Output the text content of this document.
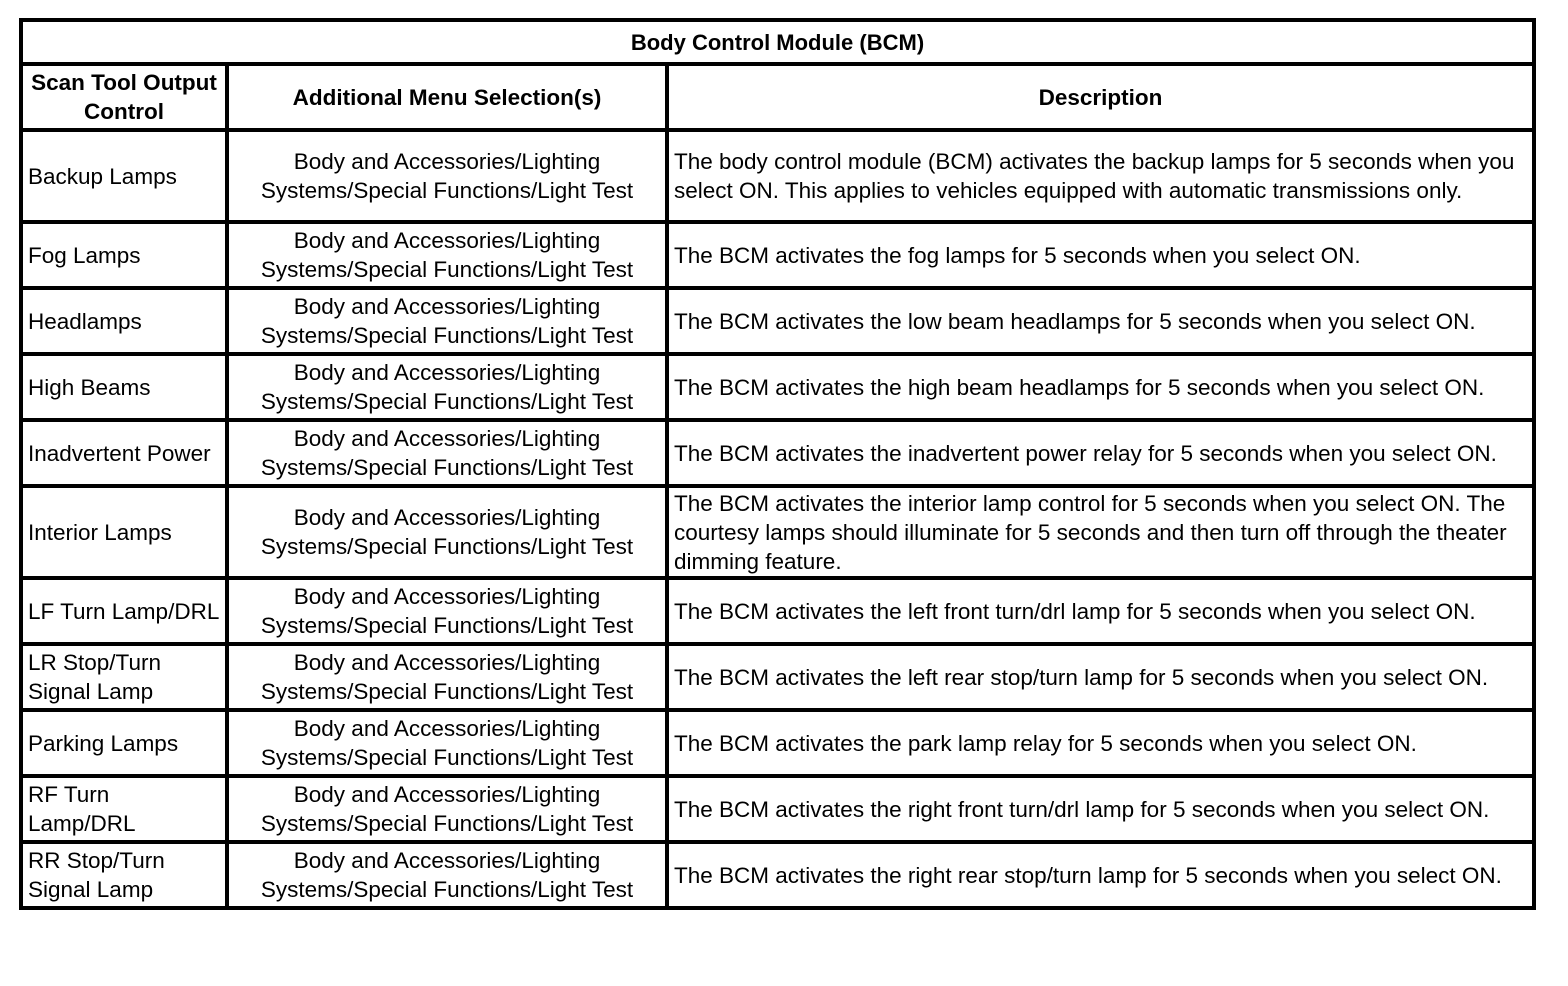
Body Control Module (BCM)		
Scan Tool Output Control	Additional Menu Selection(s)	Description
Backup Lamps	Body and Accessories/Lighting Systems/Special Functions/Light Test	The body control module (BCM) activates the backup lamps for 5 seconds when you select ON. This applies to vehicles equipped with automatic transmissions only.
Fog Lamps	Body and Accessories/Lighting Systems/Special Functions/Light Test	The BCM activates the fog lamps for 5 seconds when you select ON.
Headlamps	Body and Accessories/Lighting Systems/Special Functions/Light Test	The BCM activates the low beam headlamps for 5 seconds when you select ON.
High Beams	Body and Accessories/Lighting Systems/Special Functions/Light Test	The BCM activates the high beam headlamps for 5 seconds when you select ON.
Inadvertent Power	Body and Accessories/Lighting Systems/Special Functions/Light Test	The BCM activates the inadvertent power relay for 5 seconds when you select ON.
Interior Lamps	Body and Accessories/Lighting Systems/Special Functions/Light Test	The BCM activates the interior lamp control for 5 seconds when you select ON. The courtesy lamps should illuminate for 5 seconds and then turn off through the theater dimming feature.
LF Turn Lamp/DRL	Body and Accessories/Lighting Systems/Special Functions/Light Test	The BCM activates the left front turn/drl lamp for 5 seconds when you select ON.
LR Stop/Turn Signal Lamp	Body and Accessories/Lighting Systems/Special Functions/Light Test	The BCM activates the left rear stop/turn lamp for 5 seconds when you select ON.
Parking Lamps	Body and Accessories/Lighting Systems/Special Functions/Light Test	The BCM activates the park lamp relay for 5 seconds when you select ON.
RF Turn Lamp/DRL	Body and Accessories/Lighting Systems/Special Functions/Light Test	The BCM activates the right front turn/drl lamp for 5 seconds when you select ON.
RR Stop/Turn Signal Lamp	Body and Accessories/Lighting Systems/Special Functions/Light Test	The BCM activates the right rear stop/turn lamp for 5 seconds when you select ON.
